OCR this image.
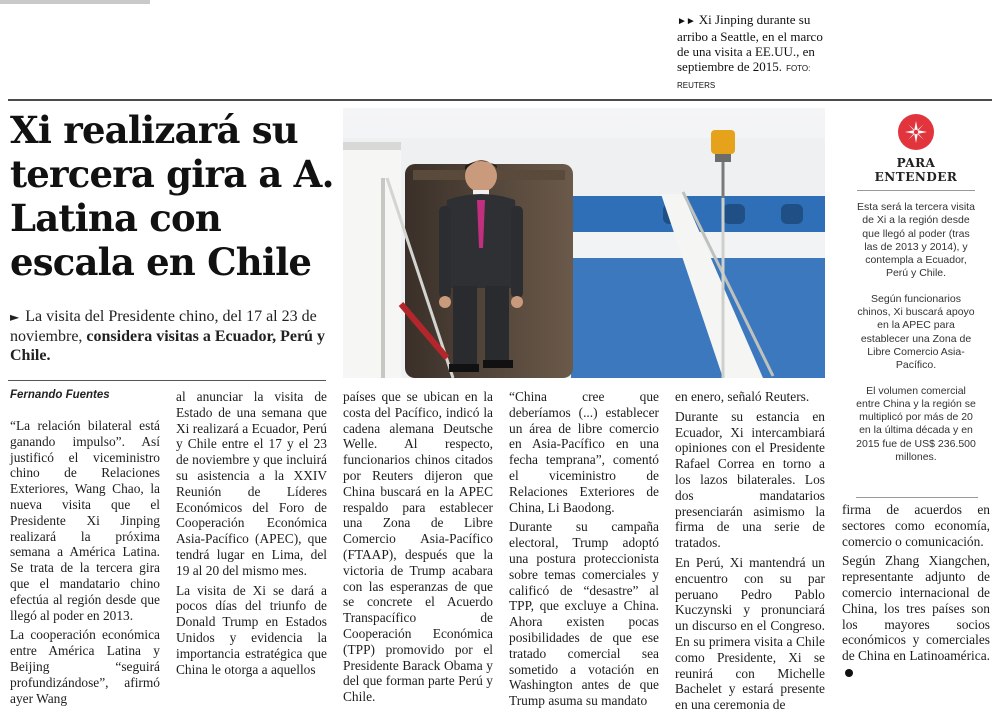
►► Xi Jinping durante su arribo a Seattle, en el marco de una visita a EE.UU., en septiembre de 2015. FOTO: REUTERS
Xi realizará su tercera gira a A. Latina con escala en Chile
► La visita del Presidente chino, del 17 al 23 de noviembre, considera visitas a Ecuador, Perú y Chile.
PARA ENTENDER

Esta será la tercera visita de Xi a la región desde que llegó al poder (tras las de 2013 y 2014), y contempla a Ecuador, Perú y Chile.

Según funcionarios chinos, Xi buscará apoyo en la APEC para establecer una Zona de Libre Comercio Asia-Pacífico.

El volumen comercial entre China y la región se multiplicó por más de 20 en la última década y en 2015 fue de US$ 236.500 millones.

Fernando Fuentes

“La relación bilateral está ganando impulso”. Así justificó el viceministro chino de Relaciones Exteriores, Wang Chao, la nueva visita que el Presidente Xi Jinping realizará la próxima semana a América Latina. Se trata de la tercera gira que el mandatario chino efectúa al región desde que llegó al poder en 2013.

La cooperación económica entre América Latina y Beijing “seguirá profundizándose”, afirmó ayer Wang

al anunciar la visita de Estado de una semana que Xi realizará a Ecuador, Perú y Chile entre el 17 y el 23 de noviembre y que incluirá su asistencia a la XXIV Reunión de Líderes Económicos del Foro de Cooperación Económica Asia-Pacífico (APEC), que tendrá lugar en Lima, del 19 al 20 del mismo mes.

La visita de Xi se dará a pocos días del triunfo de Donald Trump en Estados Unidos y evidencia la importancia estratégica que China le otorga a aquellos

países que se ubican en la costa del Pacífico, indicó la cadena alemana Deutsche Welle. Al respecto, funcionarios chinos citados por Reuters dijeron que China buscará en la APEC respaldo para establecer una Zona de Libre Comercio Asia-Pacífico (FTAAP), después que la victoria de Trump acabara con las esperanzas de que se concrete el Acuerdo Transpacífico de Cooperación Económica (TPP) promovido por el Presidente Barack Obama y del que forman parte Perú y Chile.

“China cree que deberíamos (...) establecer un área de libre comercio en Asia-Pacífico en una fecha temprana”, comentó el viceministro de Relaciones Exteriores de China, Li Baodong.

Durante su campaña electoral, Trump adoptó una postura proteccionista sobre temas comerciales y calificó de “desastre” al TPP, que excluye a China. Ahora existen pocas posibilidades de que ese tratado comercial sea sometido a votación en Washington antes de que Trump asuma su mandato

en enero, señaló Reuters.

Durante su estancia en Ecuador, Xi intercambiará opiniones con el Presidente Rafael Correa en torno a los lazos bilaterales. Los dos mandatarios presenciarán asimismo la firma de una serie de tratados.

En Perú, Xi mantendrá un encuentro con su par peruano Pedro Pablo Kuczynski y pronunciará un discurso en el Congreso. En su primera visita a Chile como Presidente, Xi se reunirá con Michelle Bachelet y estará presente en una ceremonia de

firma de acuerdos en sectores como economía, comercio o comunicación.

Según Zhang Xiangchen, representante adjunto de comercio internacional de China, los tres países son los mayores socios económicos y comerciales de China en Latinoamérica.
